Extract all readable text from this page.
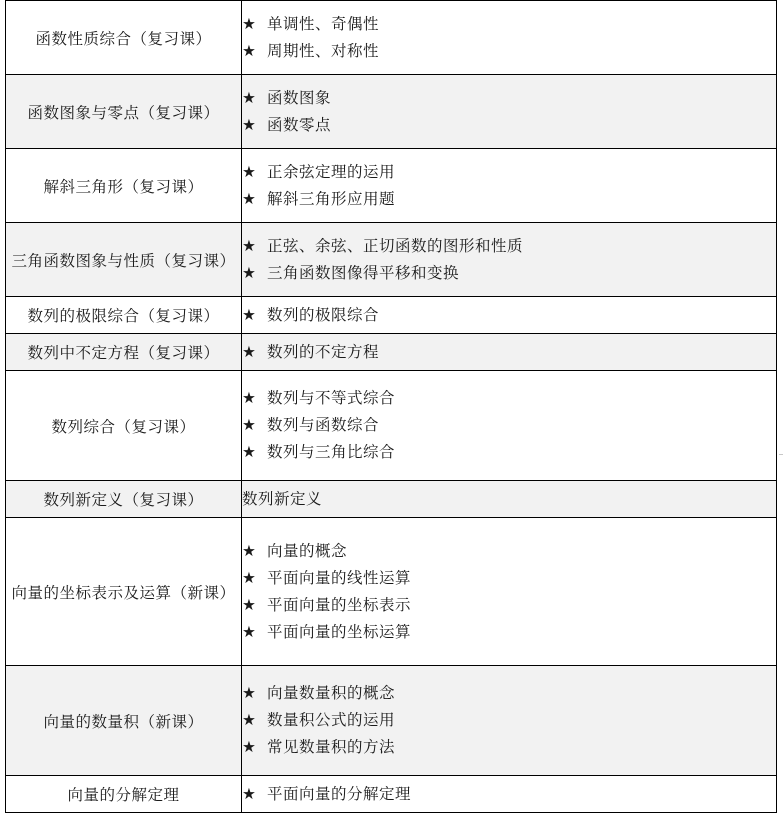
函数性质综合（复习课）	★ 单调性、奇偶性
★ 周期性、对称性

函数图象与零点（复习课）	★ 函数图象
★ 函数零点

解斜三角形（复习课）	★ 正余弦定理的运用
★ 解斜三角形应用题

三角函数图象与性质（复习课）	★ 正弦、余弦、正切函数的图形和性质
★ 三角函数图像得平移和变换

数列的极限综合（复习课）	★ 数列的极限综合

数列中不定方程（复习课）	★ 数列的不定方程

数列综合（复习课）	★ 数列与不等式综合
★ 数列与函数综合
★ 数列与三角比综合

数列新定义（复习课）	数列新定义

向量的坐标表示及运算（新课）	★ 向量的概念
★ 平面向量的线性运算
★ 平面向量的坐标表示
★ 平面向量的坐标运算

向量的数量积（新课）	★ 向量数量积的概念
★ 数量积公式的运用
★ 常见数量积的方法

向量的分解定理	★ 平面向量的分解定理
